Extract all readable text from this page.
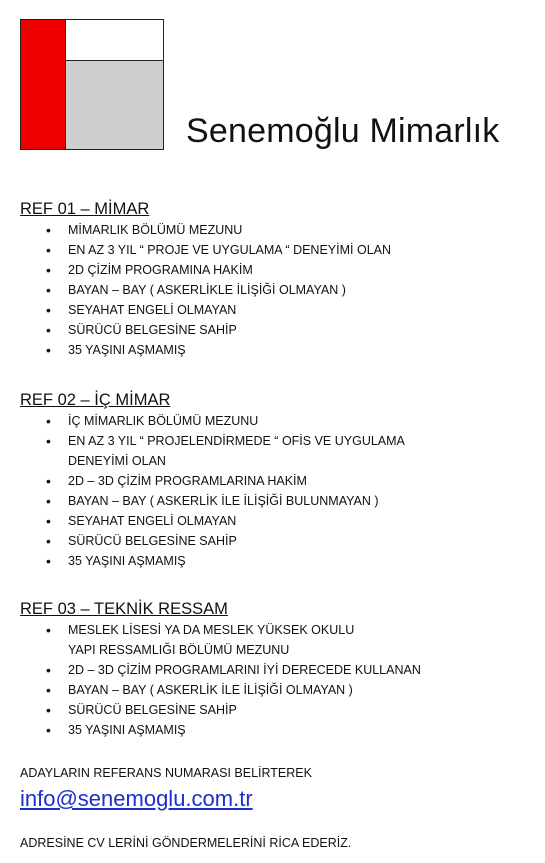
Senemoğlu Mimarlık

REF 01 – MİMAR

• MİMARLIK BÖLÜMÜ MEZUNU
• EN AZ 3 YIL “ PROJE VE UYGULAMA “ DENEYİMİ OLAN
• 2D ÇİZİM PROGRAMINA HAKİM
• BAYAN – BAY ( ASKERLİKLE İLİŞİĞİ OLMAYAN )
• SEYAHAT ENGELİ OLMAYAN
• SÜRÜCÜ BELGESİNE SAHİP
• 35 YAŞINI AŞMAMIŞ

REF 02 – İÇ MİMAR

• İÇ MİMARLIK BÖLÜMÜ MEZUNU
• EN AZ 3 YIL “ PROJELENDİRMEDE “ OFİS VE UYGULAMA
DENEYİMİ OLAN
• 2D – 3D ÇİZİM PROGRAMLARINA HAKİM
• BAYAN – BAY ( ASKERLİK İLE İLİŞİĞİ BULUNMAYAN )
• SEYAHAT ENGELİ OLMAYAN
• SÜRÜCÜ BELGESİNE SAHİP
• 35 YAŞINI AŞMAMIŞ

REF 03 – TEKNİK RESSAM

• MESLEK LİSESİ YA DA MESLEK YÜKSEK OKULU
YAPI RESSAMLIĞI BÖLÜMÜ MEZUNU
• 2D – 3D ÇİZİM PROGRAMLARINI İYİ DERECEDE KULLANAN
• BAYAN – BAY ( ASKERLİK İLE İLİŞİĞİ OLMAYAN )
• SÜRÜCÜ BELGESİNE SAHİP
• 35 YAŞINI AŞMAMIŞ
ADAYLARIN REFERANS NUMARASI BELİRTEREK
info@senemoglu.com.tr
ADRESİNE CV LERİNİ GÖNDERMELERİNİ RİCA EDERİZ.
